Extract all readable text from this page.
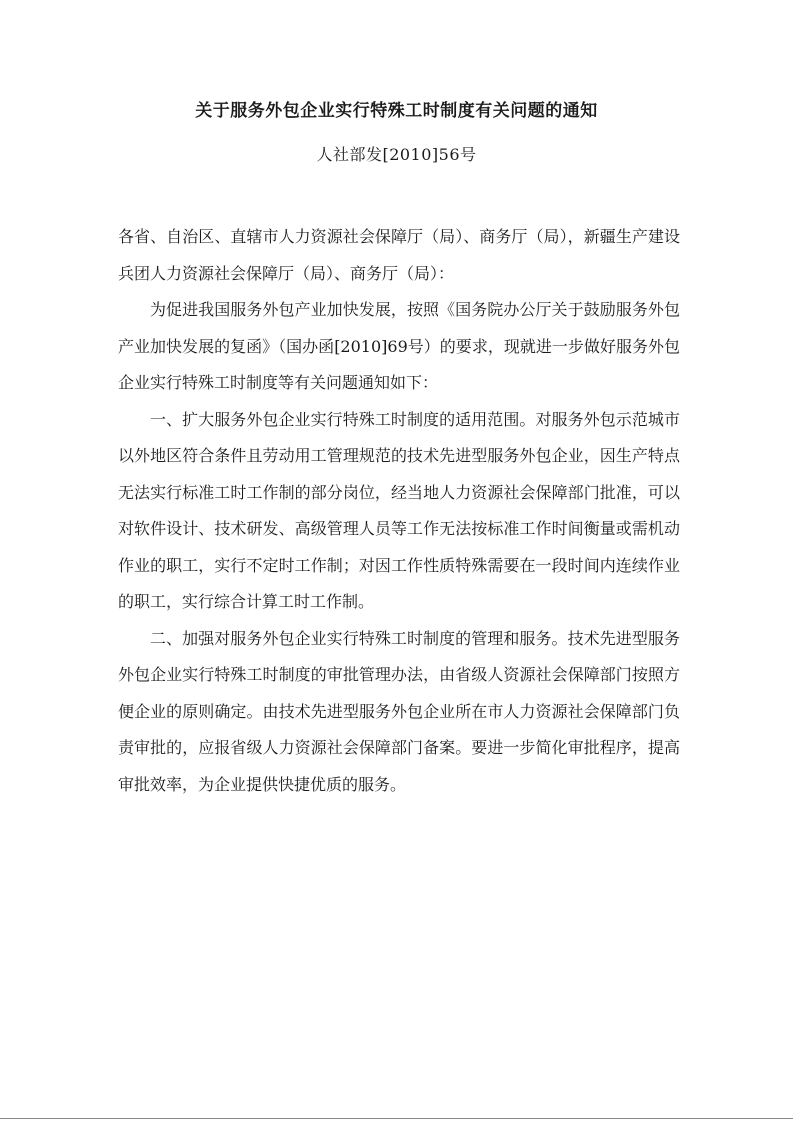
关于服务外包企业实行特殊工时制度有关问题的通知
人社部发[2010]56号

各省、自治区、直辖市人力资源社会保障厅（局）、商务厅（局），新疆生产建设兵团人力资源社会保障厅（局）、商务厅（局）：

为促进我国服务外包产业加快发展，按照《国务院办公厅关于鼓励服务外包产业加快发展的复函》（国办函[2010]69号）的要求，现就进一步做好服务外包企业实行特殊工时制度等有关问题通知如下：

一、扩大服务外包企业实行特殊工时制度的适用范围。对服务外包示范城市以外地区符合条件且劳动用工管理规范的技术先进型服务外包企业，因生产特点无法实行标准工时工作制的部分岗位，经当地人力资源社会保障部门批准，可以对软件设计、技术研发、高级管理人员等工作无法按标准工作时间衡量或需机动作业的职工，实行不定时工作制；对因工作性质特殊需要在一段时间内连续作业的职工，实行综合计算工时工作制。

二、加强对服务外包企业实行特殊工时制度的管理和服务。技术先进型服务外包企业实行特殊工时制度的审批管理办法，由省级人资源社会保障部门按照方便企业的原则确定。由技术先进型服务外包企业所在市人力资源社会保障部门负责审批的，应报省级人力资源社会保障部门备案。要进一步简化审批程序，提高审批效率，为企业提供快捷优质的服务。
